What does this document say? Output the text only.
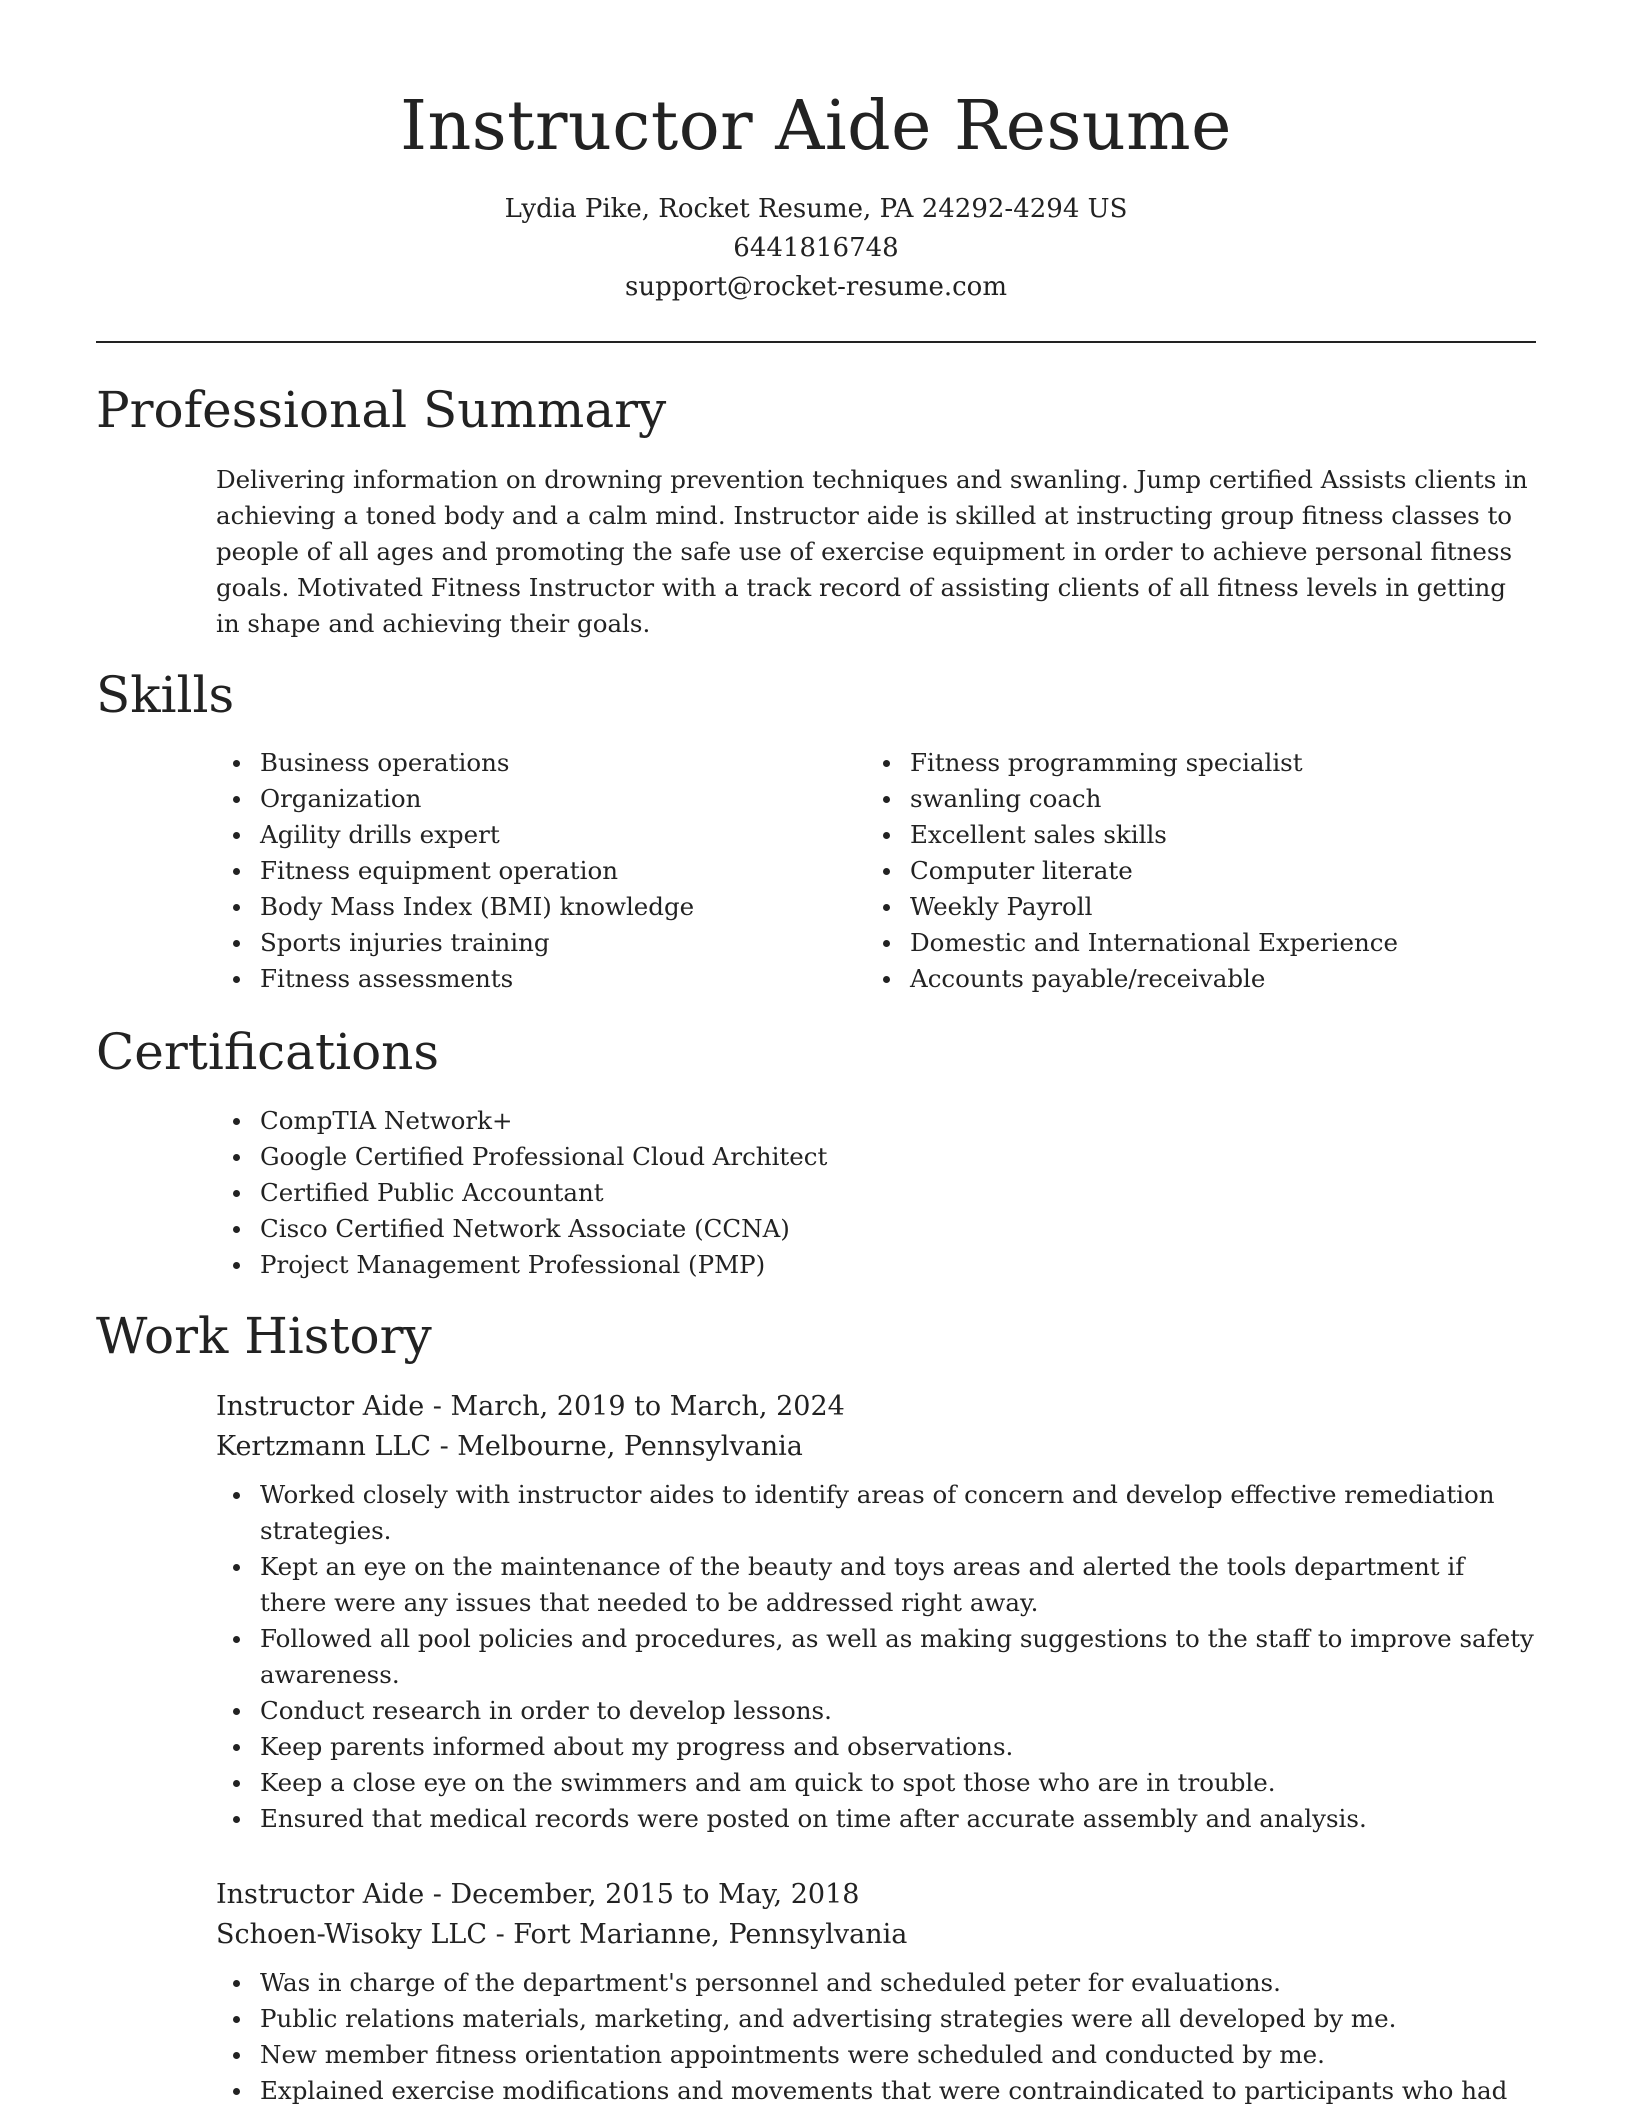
Instructor Aide Resume
Lydia Pike, Rocket Resume, PA 24292-4294 US
6441816748
support@rocket-resume.com
Professional Summary
Delivering information on drowning prevention techniques and swanling. Jump certified Assists clients in achieving a toned body and a calm mind. Instructor aide is skilled at instructing group fitness classes to people of all ages and promoting the safe use of exercise equipment in order to achieve personal fitness goals. Motivated Fitness Instructor with a track record of assisting clients of all fitness levels in getting in shape and achieving their goals.
Skills
Business operations
Organization
Agility drills expert
Fitness equipment operation
Body Mass Index (BMI) knowledge
Sports injuries training
Fitness assessments
Fitness programming specialist
swanling coach
Excellent sales skills
Computer literate
Weekly Payroll
Domestic and International Experience
Accounts payable/receivable
Certifications
CompTIA Network+
Google Certified Professional Cloud Architect
Certified Public Accountant
Cisco Certified Network Associate (CCNA)
Project Management Professional (PMP)
Work History
Instructor Aide - March, 2019 to March, 2024
Kertzmann LLC - Melbourne, Pennsylvania
Worked closely with instructor aides to identify areas of concern and develop effective remediation strategies.
Kept an eye on the maintenance of the beauty and toys areas and alerted the tools department if there were any issues that needed to be addressed right away.
Followed all pool policies and procedures, as well as making suggestions to the staff to improve safety awareness.
Conduct research in order to develop lessons.
Keep parents informed about my progress and observations.
Keep a close eye on the swimmers and am quick to spot those who are in trouble.
Ensured that medical records were posted on time after accurate assembly and analysis.
Instructor Aide - December, 2015 to May, 2018
Schoen-Wisoky LLC - Fort Marianne, Pennsylvania
Was in charge of the department's personnel and scheduled peter for evaluations.
Public relations materials, marketing, and advertising strategies were all developed by me.
New member fitness orientation appointments were scheduled and conducted by me.
Explained exercise modifications and movements that were contraindicated to participants who had
